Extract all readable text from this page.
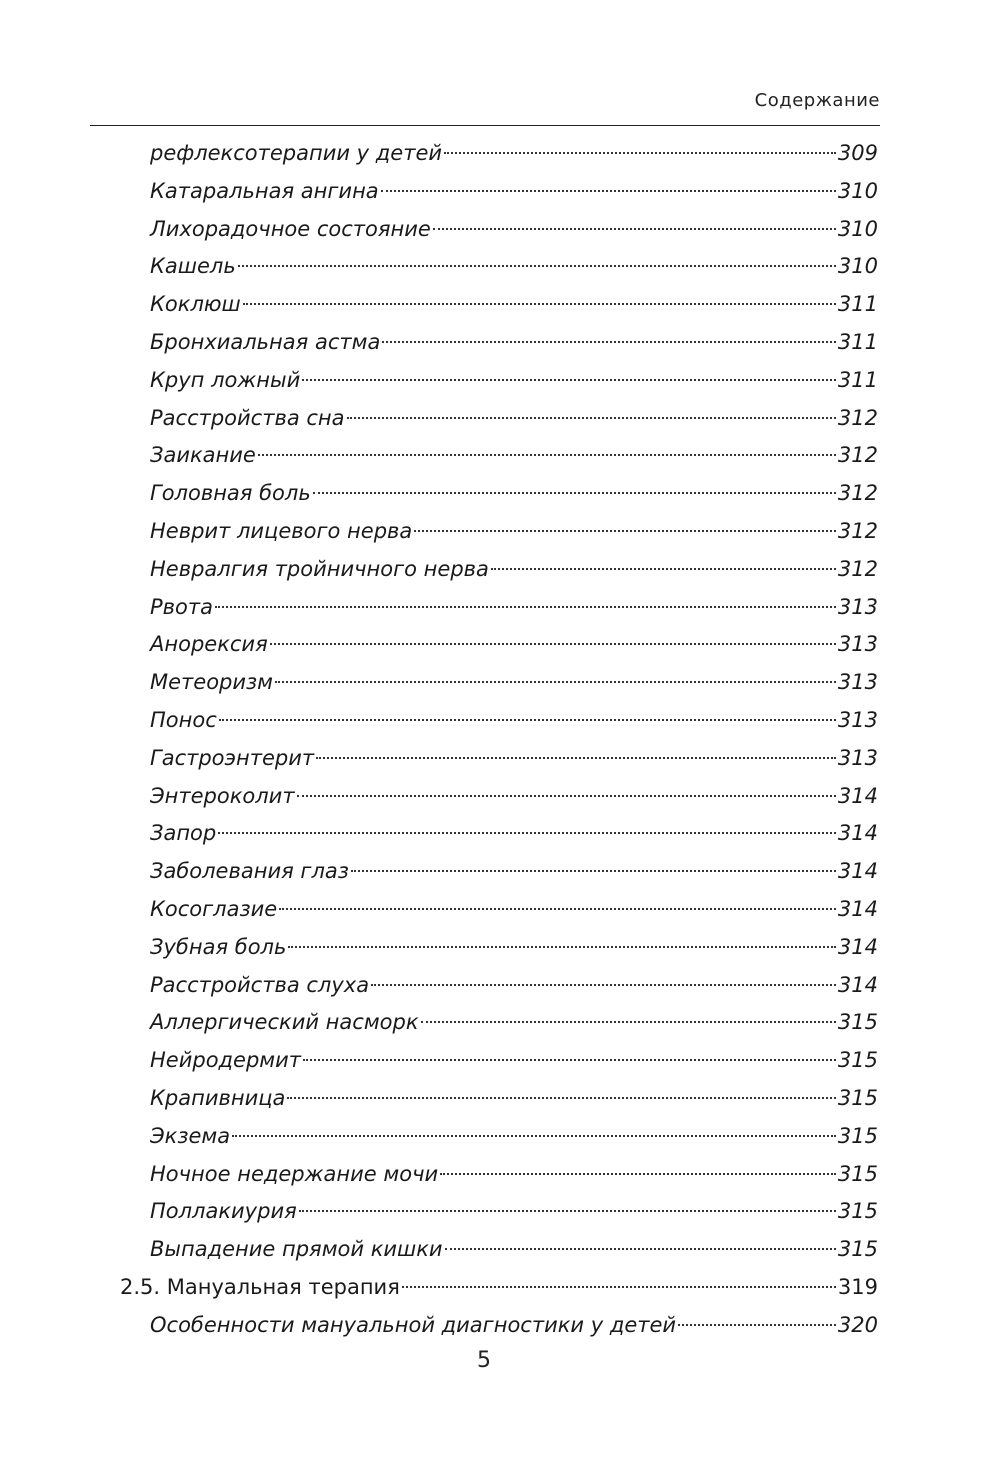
Содержание
рефлексотерапии у детей	309
Катаральная ангина	310
Лихорадочное состояние	310
Кашель	310
Коклюш	311
Бронхиальная астма	311
Круп ложный	311
Расстройства сна	312
Заикание	312
Головная боль	312
Неврит лицевого нерва	312
Невралгия тройничного нерва	312
Рвота	313
Анорексия	313
Метеоризм	313
Понос	313
Гастроэнтерит	313
Энтероколит	314
Запор	314
Заболевания глаз	314
Косоглазие	314
Зубная боль	314
Расстройства слуха	314
Аллергический насморк	315
Нейродермит	315
Крапивница	315
Экзема	315
Ночное недержание мочи	315
Поллакиурия	315
Выпадение прямой кишки	315
2.5. Мануальная терапия	319
Особенности мануальной диагностики у детей	320
5
